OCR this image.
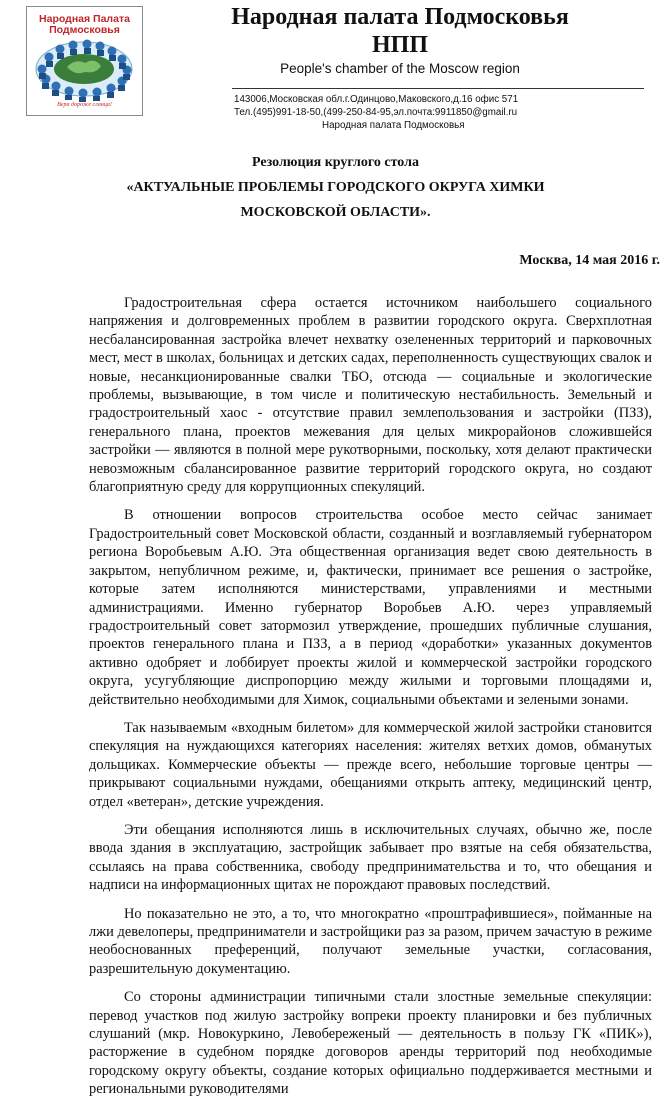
Народная Палата
Подмосковья
Вера дороже сланца!
Народная палата Подмосковья
НПП
People's chamber of the Moscow region
143006,Московская обл.г.Одинцово,Маковского,д.16 офис 571
Тел.(495)991-18-50,(499-250-84-95,эл.почта:9911850@gmail.ru
Народная палата Подмосковья
Резолюция круглого стола
«АКТУАЛЬНЫЕ ПРОБЛЕМЫ ГОРОДСКОГО ОКРУГА ХИМКИ
МОСКОВСКОЙ ОБЛАСТИ».
Москва, 14 мая 2016 г.

Градостроительная сфера остается источником наибольшего социального напряжения и долговременных проблем в развитии городского округа. Сверхплотная несбалансированная застройка влечет нехватку озелененных территорий и парковочных мест, мест в школах, больницах и детских садах, переполненность существующих свалок и новые, несанкционированные свалки ТБО, отсюда — социальные и экологические проблемы, вызывающие, в том числе и политическую нестабильность. Земельный и градостроительный хаос - отсутствие правил землепользования и застройки (ПЗЗ), генерального плана, проектов межевания для целых микрорайонов сложившейся застройки — являются в полной мере рукотворными, поскольку, хотя делают практически невозможным сбалансированное развитие территорий городского округа, но создают благоприятную среду для коррупционных спекуляций.

В отношении вопросов строительства особое место сейчас занимает Градостроительный совет Московской области, созданный и возглавляемый губернатором региона Воробьевым А.Ю. Эта общественная организация ведет свою деятельность в закрытом, непубличном режиме, и, фактически, принимает все решения о застройке, которые затем исполняются министерствами, управлениями и местными администрациями. Именно губернатор Воробьев А.Ю. через управляемый градостроительный совет затормозил утверждение, прошедших публичные слушания, проектов генерального плана и ПЗЗ, а в период «доработки» указанных документов активно одобряет и лоббирует проекты жилой и коммерческой застройки городского округа, усугубляющие диспропорцию между жилыми и торговыми площадями и, действительно необходимыми для Химок, социальными объектами и зелеными зонами.

Так называемым «входным билетом» для коммерческой жилой застройки становится спекуляция на нуждающихся категориях населения: жителях ветхих домов, обманутых дольщиках. Коммерческие объекты — прежде всего, небольшие торговые центры — прикрывают социальными нуждами, обещаниями открыть аптеку, медицинский центр, отдел «ветеран», детские учреждения.

Эти обещания исполняются лишь в исключительных случаях, обычно же, после ввода здания в эксплуатацию, застройщик забывает про взятые на себя обязательства, ссылаясь на права собственника, свободу предпринимательства и то, что обещания и надписи на информационных щитах не порождают правовых последствий.

Но показательно не это, а то, что многократно «проштрафившиеся», пойманные на лжи девелоперы, предприниматели и застройщики раз за разом, причем зачастую в режиме необоснованных преференций, получают земельные участки, согласования, разрешительную документацию.

Со стороны администрации типичными стали злостные земельные спекуляции: перевод участков под жилую застройку вопреки проекту планировки и без публичных слушаний (мкр. Новокуркино, Левобереженый — деятельность в пользу ГК «ПИК»), расторжение в судебном порядке договоров аренды территорий под необходимые городскому округу объекты, создание которых официально поддерживается местными и региональными руководителями
